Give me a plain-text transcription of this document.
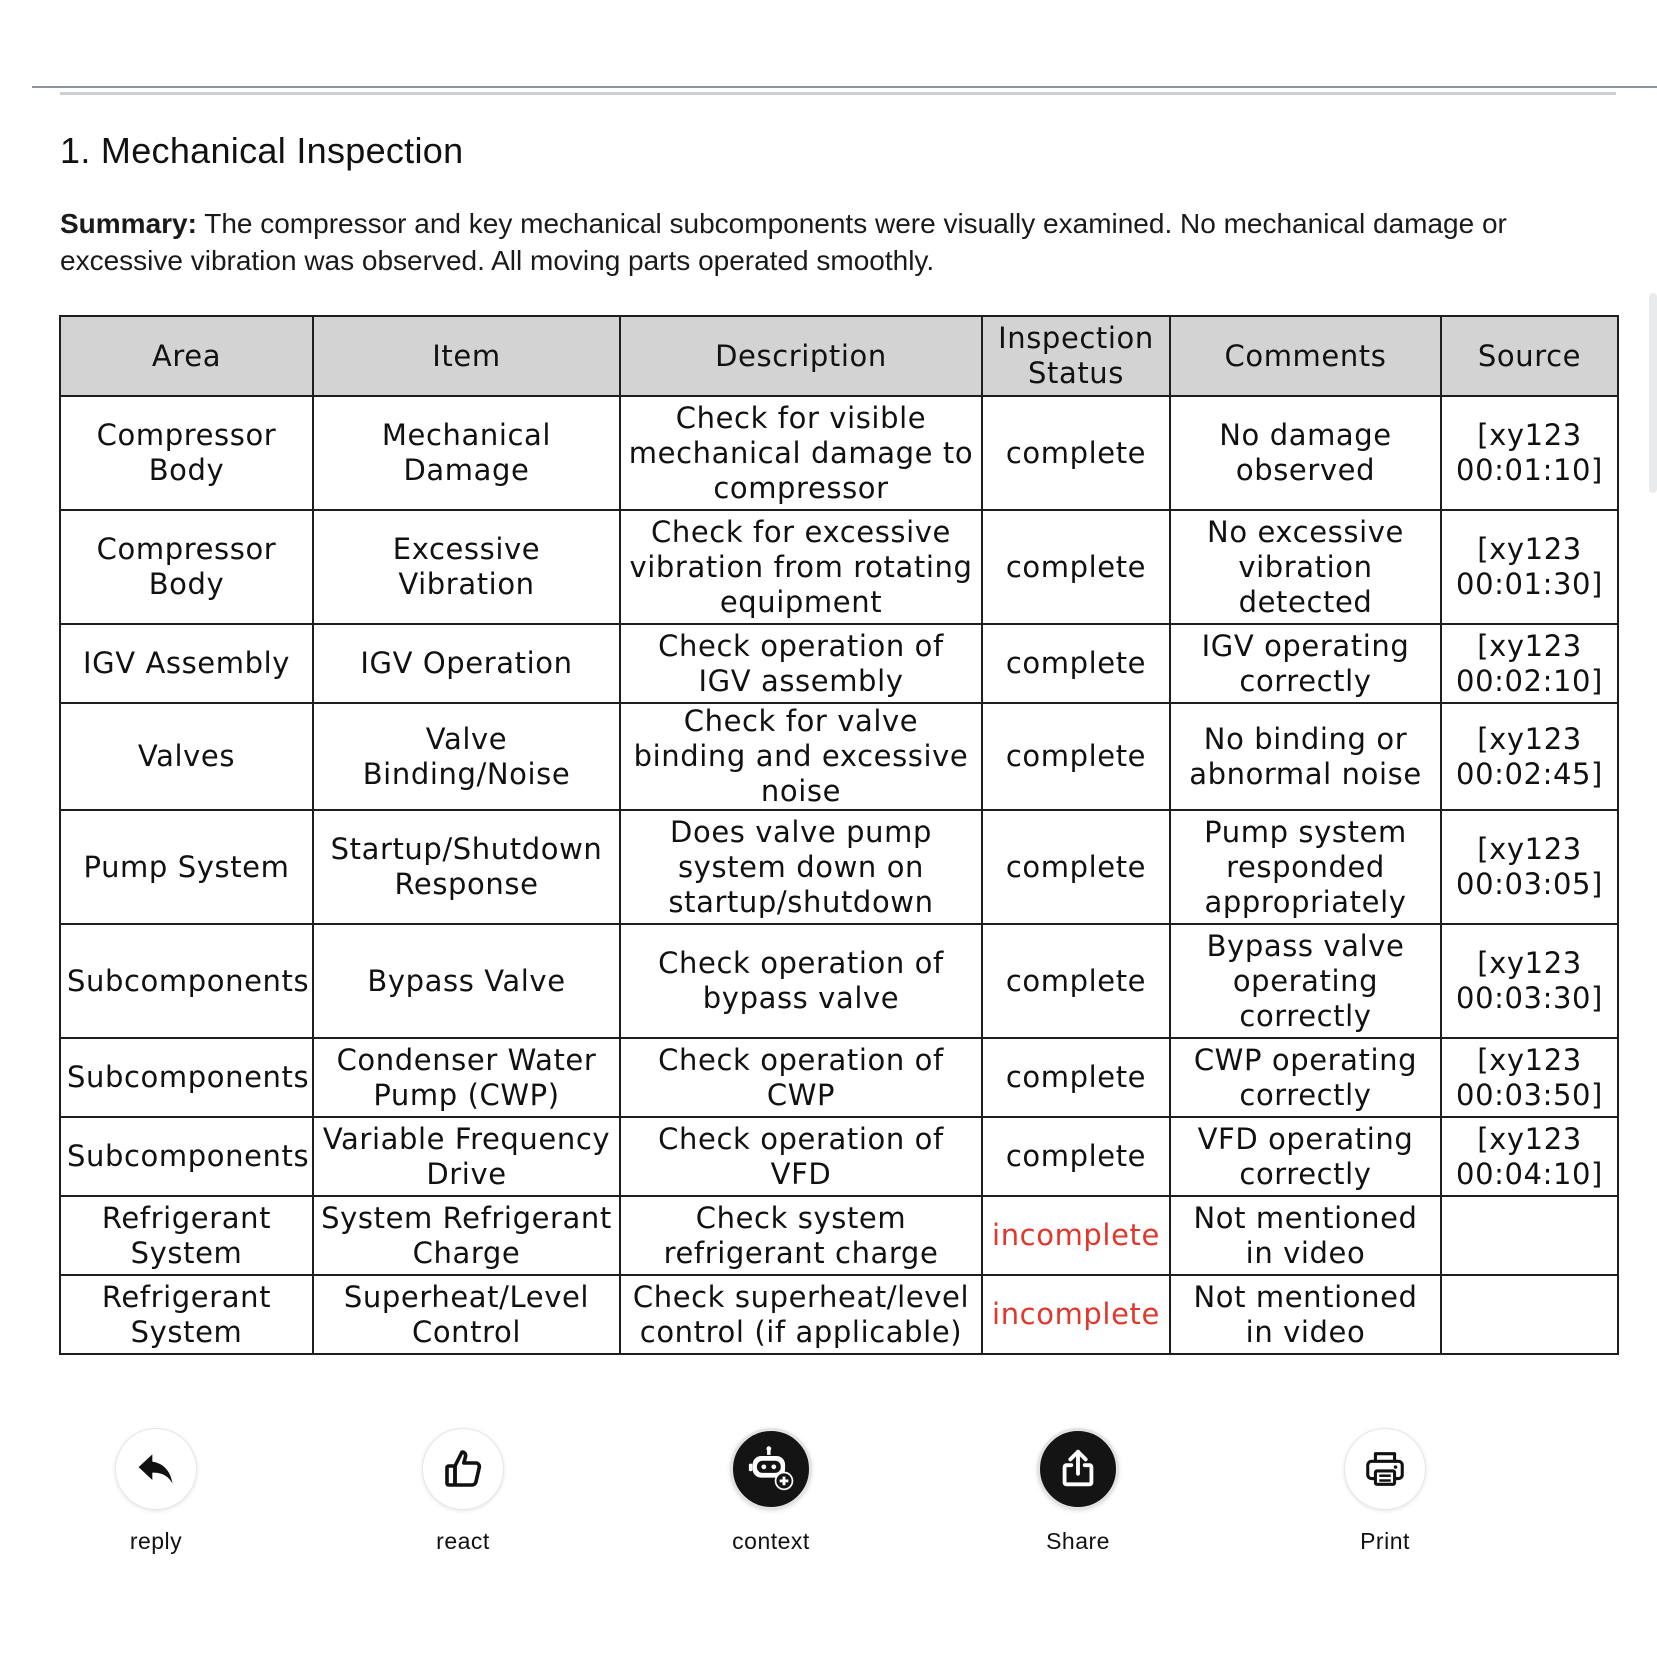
1. Mechanical Inspection

Summary: The compressor and key mechanical subcomponents were visually examined. No mechanical damage or excessive vibration was observed. All moving parts operated smoothly.

Area	Item	Description	Inspection Status	Comments	Source
Compressor Body	Mechanical Damage	Check for visible mechanical damage to compressor	complete	No damage observed	[xy123 00:01:10]
Compressor Body	Excessive Vibration	Check for excessive vibration from rotating equipment	complete	No excessive vibration detected	[xy123 00:01:30]
IGV Assembly	IGV Operation	Check operation of IGV assembly	complete	IGV operating correctly	[xy123 00:02:10]
Valves	Valve Binding/Noise	Check for valve binding and excessive noise	complete	No binding or abnormal noise	[xy123 00:02:45]
Pump System	Startup/Shutdown Response	Does valve pump system down on startup/shutdown	complete	Pump system responded appropriately	[xy123 00:03:05]
Subcomponents	Bypass Valve	Check operation of bypass valve	complete	Bypass valve operating correctly	[xy123 00:03:30]
Subcomponents	Condenser Water Pump (CWP)	Check operation of CWP	complete	CWP operating correctly	[xy123 00:03:50]
Subcomponents	Variable Frequency Drive	Check operation of VFD	complete	VFD operating correctly	[xy123 00:04:10]
Refrigerant System	System Refrigerant Charge	Check system refrigerant charge	incomplete	Not mentioned in video	
Refrigerant System	Superheat/Level Control	Check superheat/level control (if applicable)	incomplete	Not mentioned in video	
reply	react	context	Share	Print
